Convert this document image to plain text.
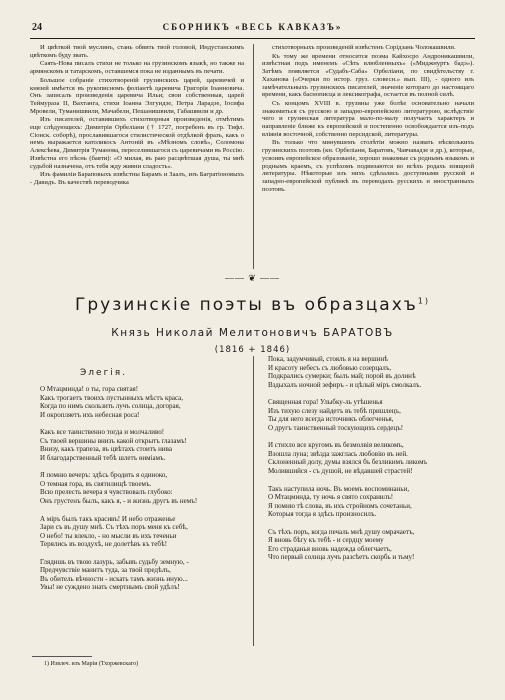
24	СБОРНИКЪ «ВЕСЬ КАВКАЗЪ»

И цвѣткой твой муслинъ, стань обвить твой головой, Индустанскимъ цвѣткомъ буду звать.

Саять-Нова писалъ стихи не только на грузинскомъ языкѣ, но также на армянскомъ и татарскомъ, оставшемся пока не изданнымъ въ печати.

Большое собраніе стихотвореній грузинскихъ царей, царевичей и князей имѣется въ рукописномъ фоліантѣ царевича Григорія Іоанновича. Онъ записалъ произведенія царевича Ильи; свои собственныя, царей Теймураза II, Вахтанга, стихи Іоанна Элгуидзе, Петра Ларадзе, Іосифа Мровели, Туманишвили, Мачабели, Пешанишвили, Габашвили и др.

Изъ писателей, оставившихъ стихотворныя произведенія, отмѣтимъ еще слѣдующихъ: Димитрія Орбеліани († 1727, погребенъ въ гр. Тифл. Сіонск. соборѣ), прославившагося стилистической отдѣлкой фразъ, какъ о немъ выражается католикосъ Антоній въ «Мѣзномъ словѣ», Соломона Алексѣева, Димитрія Туманова, переселившагося съ царевичами въ Россію. Извѣстна его пѣснь (баяти): «О милая, въ рaю расцвѣтшая душа, ты мнѣ судьбой назначена, отъ тебя жду живни сладость».

Изъ фамиліи Бараповыхъ извѣстны Барамъ и Заалъ, изъ Багратіоновыхъ - Давидъ. Въ качествѣ переводчика

стихотворныхъ произведеній извѣстенъ Сорідзань Чолокашвили.

Къ тому же времени относится поэма Кайхосро Андроникашвили, извѣстная подъ именемъ «Сѣть влюбленныхъ» («Миджнуртъ бадэ»). Затѣмъ появляется «Судабъ-Саба» Орбеліани, по свидѣтельству г. Хаханова («Очерки по истор. груз. словесн.» вып. III), - одного изъ замѣчательныхъ грузинскихъ писателей, значеніе котораго до настоящаго времени, какъ баснописца и лексикографа, остается въ полной силѣ.

Съ концомъ XVIII в. грузины уже болѣе основательно начали знакомиться съ русскою и западно-европейскою литературою, вслѣдствіе чего и грузинская литература мало-по-малу получаетъ характеръ и направленіе ближе къ европейской и постепенно освобождается изъ-подъ вліянія восточной, собственно персидской, литературы.

Въ только что минувшемъ столѣтіи можно назвать нѣсколькихъ грузинскихъ поэтовъ (кн. Орбеліани, Баратовъ, Чавчавадзе и др.), которые, усвоивъ европейское образованіе, хорошо знакомые съ роднымъ языкомъ и роднымъ краемъ, съ успѣхомъ подвизаются во всѣхъ родахъ изящной литературы. Нѣкоторые изъ нихъ сдѣлались доступными русской и западно-европейской публикѣ въ переводахъ русскихъ и иностранныхъ поэтовъ.

—— ❦ ——
Грузинскіе поэты въ образцахъ$^{1)}$
Князь Николай Мелитоновичъ БАРАТОВЪ
(1816 + 1846)
Элегія.
О Мтацминда! о ты, гора святая!
Какъ трогаетъ твоихъ пустынныхъ мѣстъ краса,
Когда по нимъ скользить лучъ солнца, догорая,
И окропляетъ ихъ небесная роса!
Какъ все таинственно тогда и молчаливо!
Съ твоей вершины внизъ какой открытъ глазамъ!
Внизу, какъ трапеза, въ цвѣтахъ стоитъ нива
И благодарственный тебѣ шлетъ ѳиміамъ.
Я помню вечеръ: здѣсь бродить я одиноко,
О темная гора, въ святилищѣ твоемъ.
Всю прелесть вечера я чувствовалъ глубоко:
Онъ грустенъ былъ, какъ я, - и жизнь другъ въ немъ!
А міръ былъ такъ красивъ! И небо отраженье
Зари съ въ душу мнѣ. Съ тѣхъ поръ меня къ себѣ,
О небо! ты влекло, - но мысли въ ихъ теченьи
Терялись въ воздухѣ, не долетѣвъ къ тебѣ!
Глядишь въ твою лазурь, забывъ судьбу земную, -
Предчувствіе манитъ туда, за твой предѣлъ,
Въ обитель вѣчности - искать тамъ жизнь иную...
Увы! не суждено знать смертнымъ свой удѣлъ!
Пока, задумчивый, стоялъ я на вершинѣ
И красоту небесъ съ любовью созерцалъ,
Подкрались сумерки; былъ май; порой въ долинѣ
Вздыхалъ ночной зефиръ - и цѣлый міръ смолкалъ.
Священная гора! Улыбку-ль утѣшенья
Изъ тихую слезу найдетъ въ тебѣ пришлецъ,
Ты для него всегда источникъ облегченья,
О другъ таинственный тоскующихъ сердецъ!
И стихло все кругомъ въ безмолвія великомъ,
Взошла луна; звѣзда зажглась любовію въ ней.
Склоненный долу, думы взялся бъ безликимъ ликомъ
Молившийся - съ душой, не вѣдавшей страстей!
Такъ наступила ночь. Въ моемъ воспоминаньи,
О Мтацминда, ту ночь я свято сохранилъ!
Я помню тѣ слова, въ ихъ стройномъ сочетаньи,
Которыя тогда я здѣсь произносилъ.
Съ тѣхъ поръ, когда печаль мнѣ душу омрачаетъ,
Я вновь бѣгу къ тебѣ - и сердцу моему
Его страданья вновь надежда облегчаетъ,
Что первый солнца лучъ разсѣетъ скорбь и тьму!
1) Извлеч. изъ Маріи (Тхоржевскаго)
